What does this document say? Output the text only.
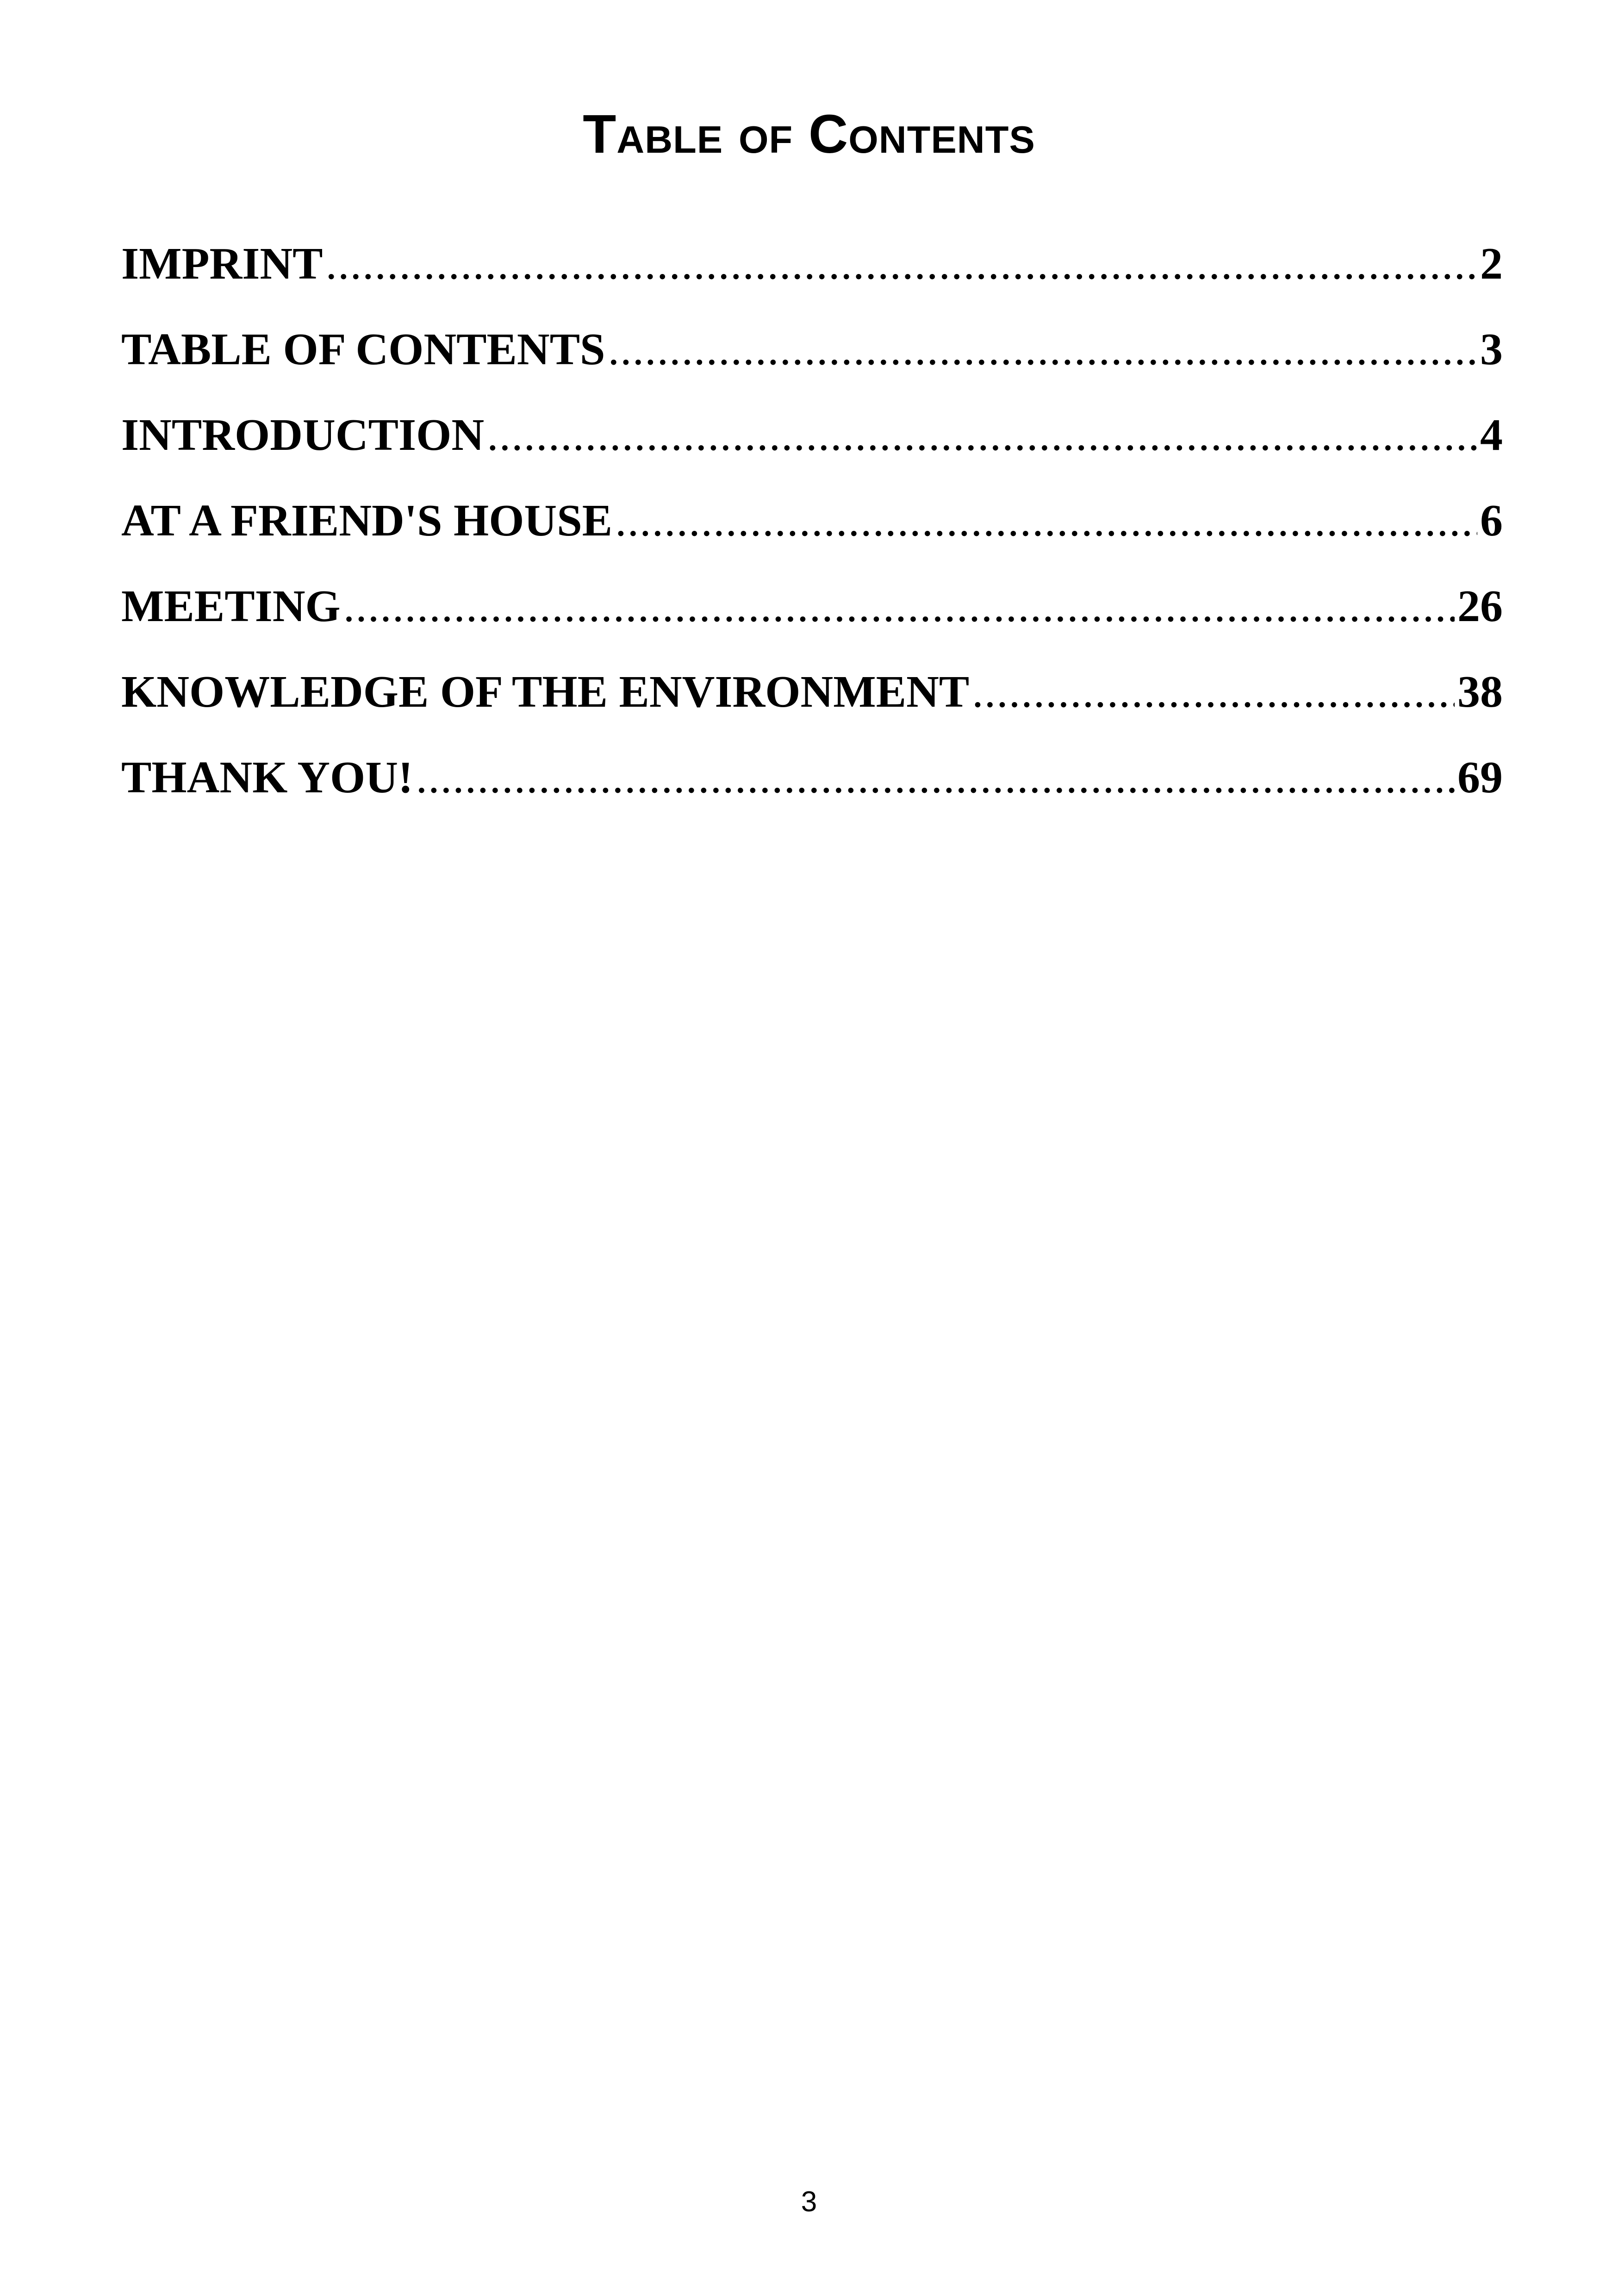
Table of Contents
IMPRINT .....	2
TABLE OF CONTENTS .....	3
INTRODUCTION .....	4
AT A FRIEND'S HOUSE .....	6
MEETING .....	26
KNOWLEDGE OF THE ENVIRONMENT .....	38
THANK YOU! .....	69
3
